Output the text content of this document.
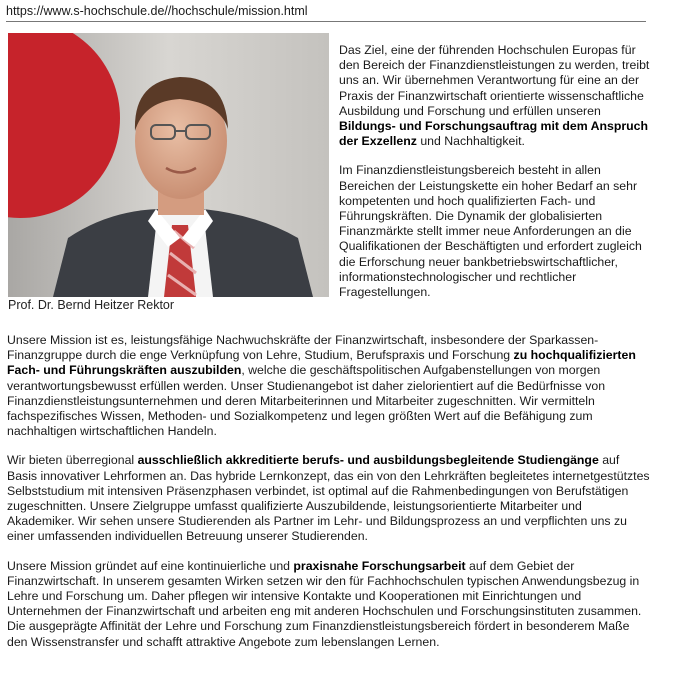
https://www.s-hochschule.de//hochschule/mission.html
Prof. Dr. Bernd Heitzer Rektor

Das Ziel, eine der führenden Hochschulen Europas für den Bereich der Finanzdienstleistungen zu werden, treibt uns an. Wir übernehmen Verantwortung für eine an der Praxis der Finanzwirtschaft orientierte wissenschaftliche Ausbildung und Forschung und erfüllen unseren Bildungs- und Forschungsauftrag mit dem Anspruch der Exzellenz und Nachhaltigkeit.

Im Finanzdienstleistungsbereich besteht in allen Bereichen der Leistungskette ein hoher Bedarf an sehr kompetenten und hoch qualifizierten Fach- und Führungskräften. Die Dynamik der globalisierten Finanzmärkte stellt immer neue Anforderungen an die Qualifikationen der Beschäftigten und erfordert zugleich die Erforschung neuer bankbetriebswirtschaftlicher, informationstechnologischer und rechtlicher Fragestellungen.

Unsere Mission ist es, leistungsfähige Nachwuchskräfte der Finanzwirtschaft, insbesondere der Sparkassen-Finanzgruppe durch die enge Verknüpfung von Lehre, Studium, Berufspraxis und Forschung zu hochqualifizierten Fach- und Führungskräften auszubilden, welche die geschäftspolitischen Aufgabenstellungen von morgen verantwortungsbewusst erfüllen werden. Unser Studienangebot ist daher zielorientiert auf die Bedürfnisse von Finanzdienstleistungsunternehmen und deren Mitarbeiterinnen und Mitarbeiter zugeschnitten. Wir vermitteln fachspezifisches Wissen, Methoden- und Sozialkompetenz und legen größten Wert auf die Befähigung zum nachhaltigen wirtschaftlichen Handeln.

Wir bieten überregional ausschließlich akkreditierte berufs- und ausbildungsbegleitende Studiengänge auf Basis innovativer Lehrformen an. Das hybride Lernkonzept, das ein von den Lehrkräften begleitetes internetgestütztes Selbststudium mit intensiven Präsenzphasen verbindet, ist optimal auf die Rahmenbedingungen von Berufstätigen zugeschnitten. Unsere Zielgruppe umfasst qualifizierte Auszubildende, leistungsorientierte Mitarbeiter und Akademiker. Wir sehen unsere Studierenden als Partner im Lehr- und Bildungsprozess an und verpflichten uns zu einer umfassenden individuellen Betreuung unserer Studierenden.

Unsere Mission gründet auf eine kontinuierliche und praxisnahe Forschungsarbeit auf dem Gebiet der Finanzwirtschaft. In unserem gesamten Wirken setzen wir den für Fachhochschulen typischen Anwendungsbezug in Lehre und Forschung um. Daher pflegen wir intensive Kontakte und Kooperationen mit Einrichtungen und Unternehmen der Finanzwirtschaft und arbeiten eng mit anderen Hochschulen und Forschungsinstituten zusammen. Die ausgeprägte Affinität der Lehre und Forschung zum Finanzdienstleistungsbereich fördert in besonderem Maße den Wissenstransfer und schafft attraktive Angebote zum lebenslangen Lernen.
